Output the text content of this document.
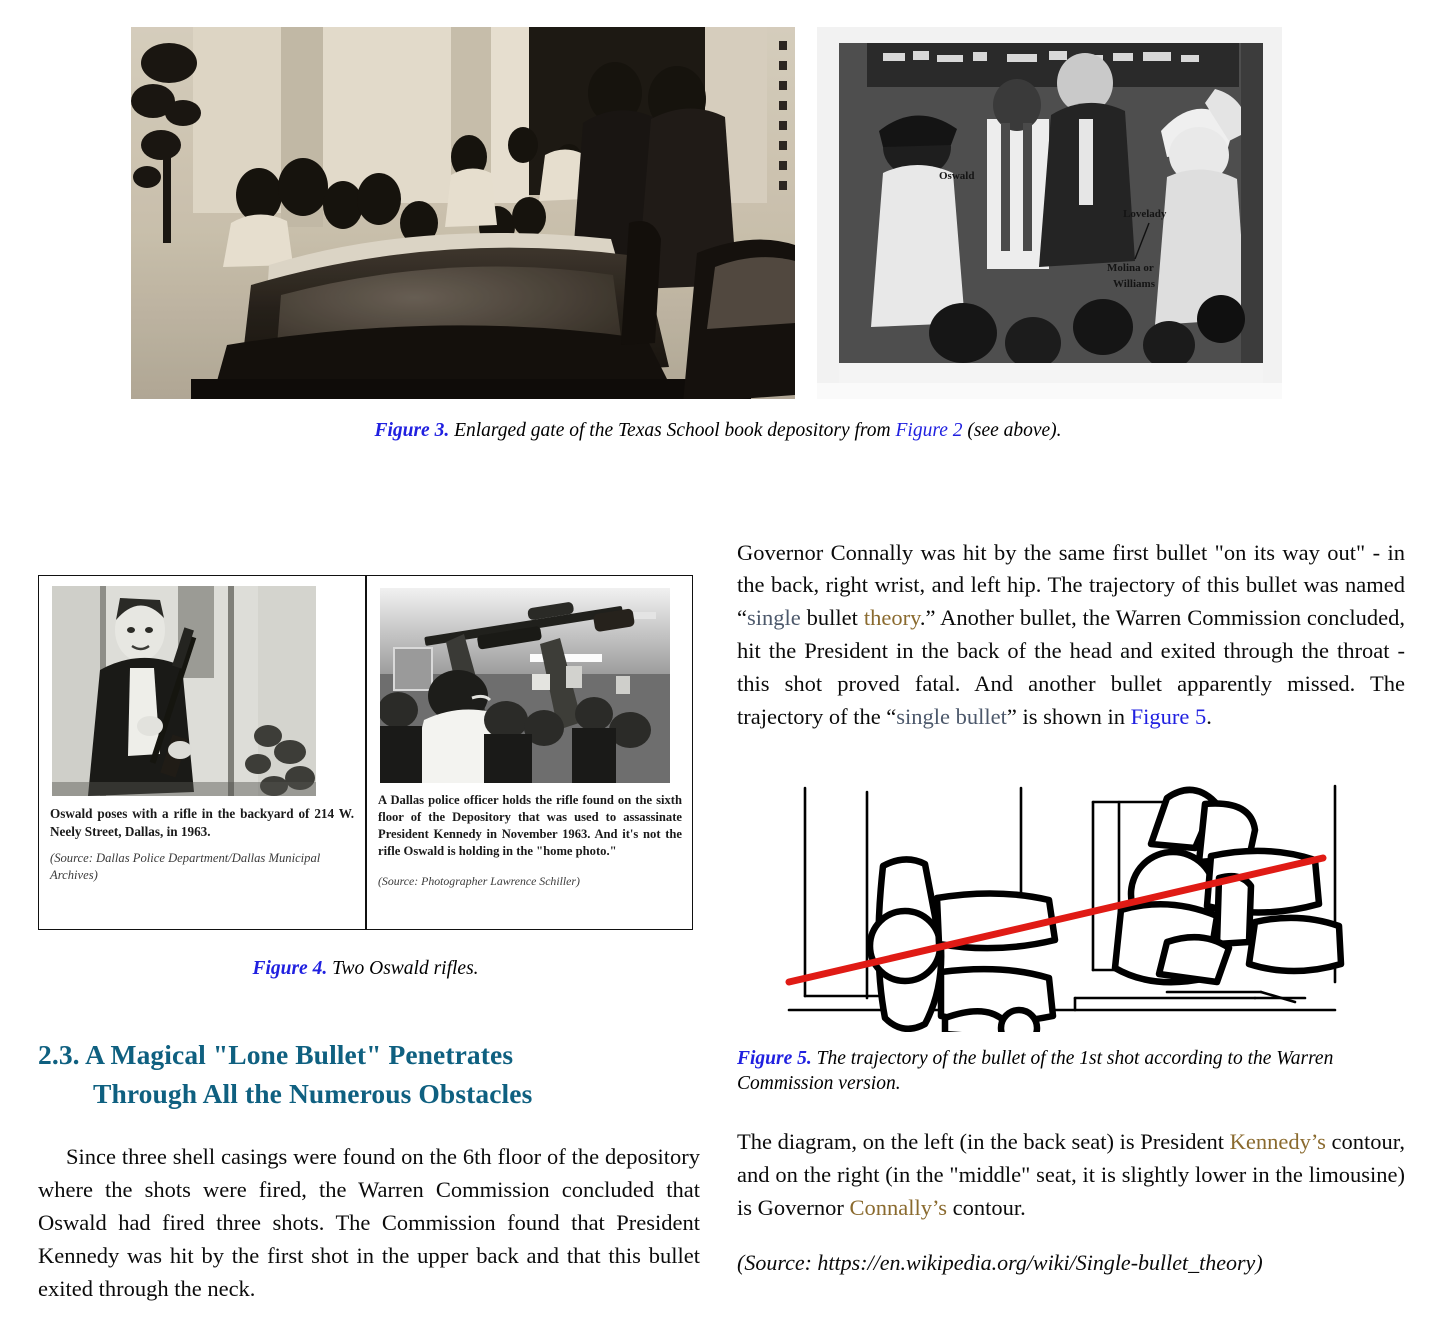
Oswald
Lovelady
Molina or
Williams
Figure 3. Enlarged gate of the Texas School book depository from Figure 2 (see above).
Oswald poses with a rifle in the backyard of 214 W. Neely Street, Dallas, in 1963.
(Source: Dallas Police Department/Dallas Municipal Archives)
A Dallas police officer holds the rifle found on the sixth floor of the Depository that was used to assassinate President Kennedy in November 1963. And it's not the rifle Oswald is holding in the "home photo."
(Source: Photographer Lawrence Schiller)
Figure 4. Two Oswald rifles.
2.3. A Magical "Lone Bullet" Penetrates
Through All the Numerous Obstacles

Since three shell casings were found on the 6th floor of the depository where the shots were fired, the Warren Commission concluded that Oswald had fired three shots. The Commission found that President Kennedy was hit by the first shot in the upper back and that this bullet exited through the neck.

Governor Connally was hit by the same first bullet "on its way out" - in the back, right wrist, and left hip. The trajectory of this bullet was named “single bullet theory.” Another bullet, the Warren Commission concluded, hit the President in the back of the head and exited through the throat - this shot proved fatal. And another bullet apparently missed. The trajectory of the “single bullet” is shown in Figure 5.

Figure 5. The trajectory of the bullet of the 1st shot according to the Warren Commission version.

The diagram, on the left (in the back seat) is President Kennedy’s contour, and on the right (in the "middle" seat, it is slightly lower in the limousine) is Governor Connally’s contour.

(Source: https://en.wikipedia.org/wiki/Single-bullet_theory)
